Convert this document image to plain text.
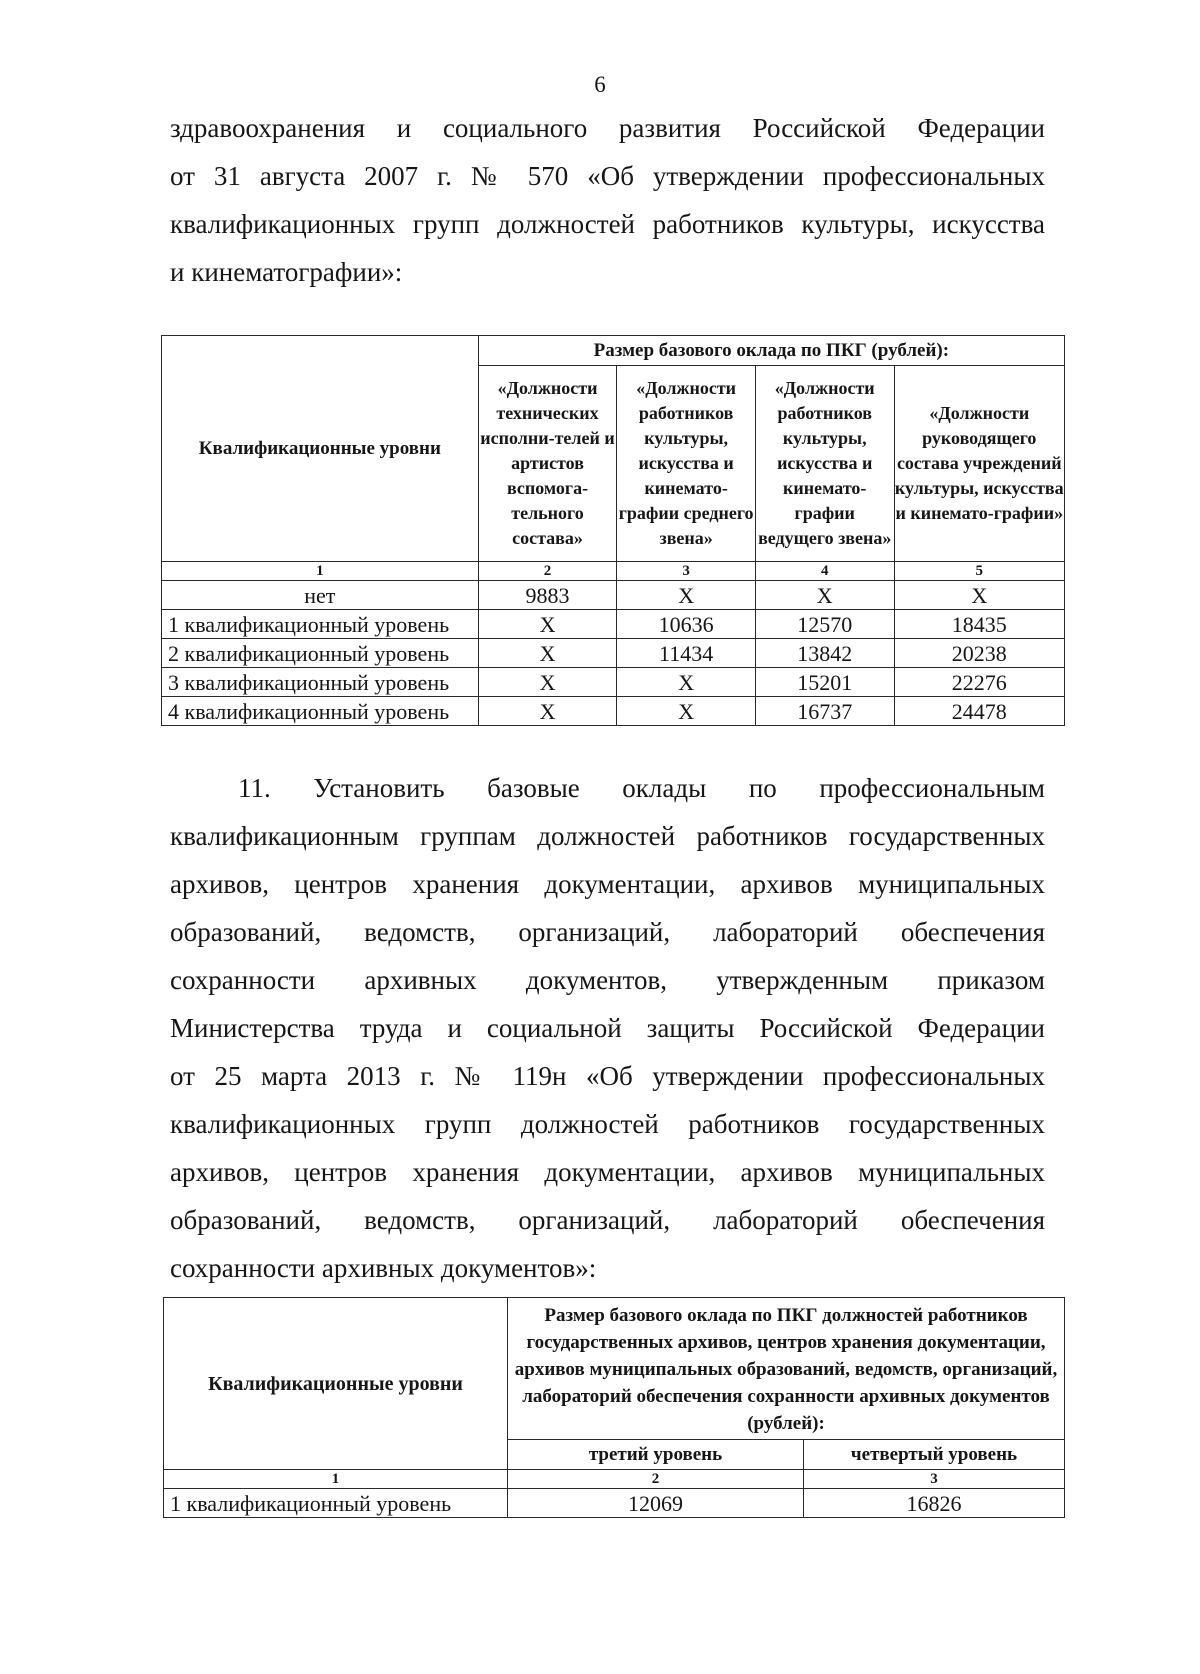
6
здравоохранения и социального развития Российской Федерации
от 31 августа 2007 г. № 570 «Об утверждении профессиональных
квалификационных групп должностей работников культуры, искусства
и кинематографии»:
Квалификационные уровни	Размер базового оклада по ПКГ (рублей):			
	«Должности технических исполни-телей и артистов вспомога-тельного состава»	«Должности работников культуры, искусства и кинемато-графии среднего звена»	«Должности работников культуры, искусства и кинемато-графии ведущего звена»	«Должности руководящего состава учреждений культуры, искусства и кинемато-графии»
1	2	3	4	5
нет	9883	X	X	X
1 квалификационный уровень	X	10636	12570	18435
2 квалификационный уровень	X	11434	13842	20238
3 квалификационный уровень	X	X	15201	22276
4 квалификационный уровень	X	X	16737	24478
11. Установить базовые оклады по профессиональным
квалификационным группам должностей работников государственных
архивов, центров хранения документации, архивов муниципальных
образований, ведомств, организаций, лабораторий обеспечения
сохранности архивных документов, утвержденным приказом
Министерства труда и социальной защиты Российской Федерации
от 25 марта 2013 г. № 119н «Об утверждении профессиональных
квалификационных групп должностей работников государственных
архивов, центров хранения документации, архивов муниципальных
образований, ведомств, организаций, лабораторий обеспечения
сохранности архивных документов»:
Квалификационные уровни	Размер базового оклада по ПКГ должностей работников государственных архивов, центров хранения документации, архивов муниципальных образований, ведомств, организаций, лабораторий обеспечения сохранности архивных документов (рублей):	
	третий уровень	четвертый уровень
1	2	3
1 квалификационный уровень	12069	16826
